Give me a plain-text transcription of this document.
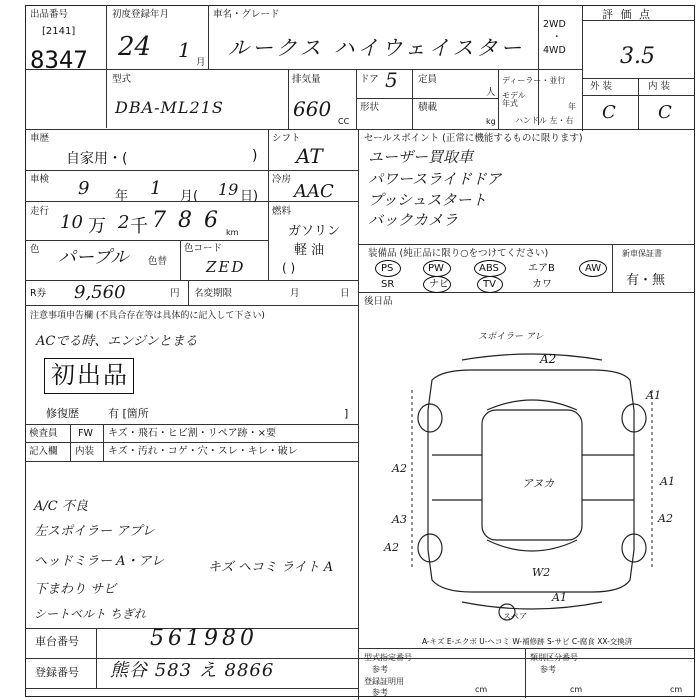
出品番号
[2141]
8347
初度登録年月
24 1
月
車名・グレード
ルークス ハイウェイスター
2WD
・
4WD
評 価 点
3.5
型式
DBA-ML21S
排気量
660
CC
ドア 5 定員
人
形状	積載
kg
ディーラー・並行
モデル年式	年
ハンドル 左・右
外 装	内 装
C C
車歴
自家用・(	)
シフト
AT
冷房
AAC
車検 9 年 1 月( 19 日)
走行
10 万 2 千 786
km
燃料
ガソリン
軽 油
( )
色 パープル 色替
色コード
ZED
R券 9,560	円 名変期限	月	日
セールスポイント (正常に機能するものに限ります)
ユーザー買取車
パワースライドドア
プッシュスタート
バックカメラ
装備品 (純正品に限り○をつけてください)	新車保証書
有・無
PS	PW	ABS	エアB	AW
SR	ナビ	TV	カワ
注意事項申告欄 (不具合存在等は具体的に記入して下さい)
ACでる時、エンジンとまる
初出品
修復歴	有 [箇所	]
検査員
記入欄
FW キズ・飛石・ヒビ割・リペア跡・×要
内装 キズ・汚れ・コゲ・穴・スレ・キレ・破レ
A/C 不良
左スポイラー アプレ
ヘッドミラー A・アレ
下まわり サビ
シートベルト ちぎれ
キズ ヘコミ ライト A
後日品
スポイラー アレ
A2
A1
A2
A1
A3	A2
A2
アヌカ
W2
A1
スペア
A-キズ E-エクボ U-ヘコミ W-補修跡 S-サビ C-腐食 XX-交換済
車台番号	561980
登録番号 熊谷 583 え 8866
型式指定番号
参考
登録証明用
参考
類別区分番号
参考
cm	cm	cm
